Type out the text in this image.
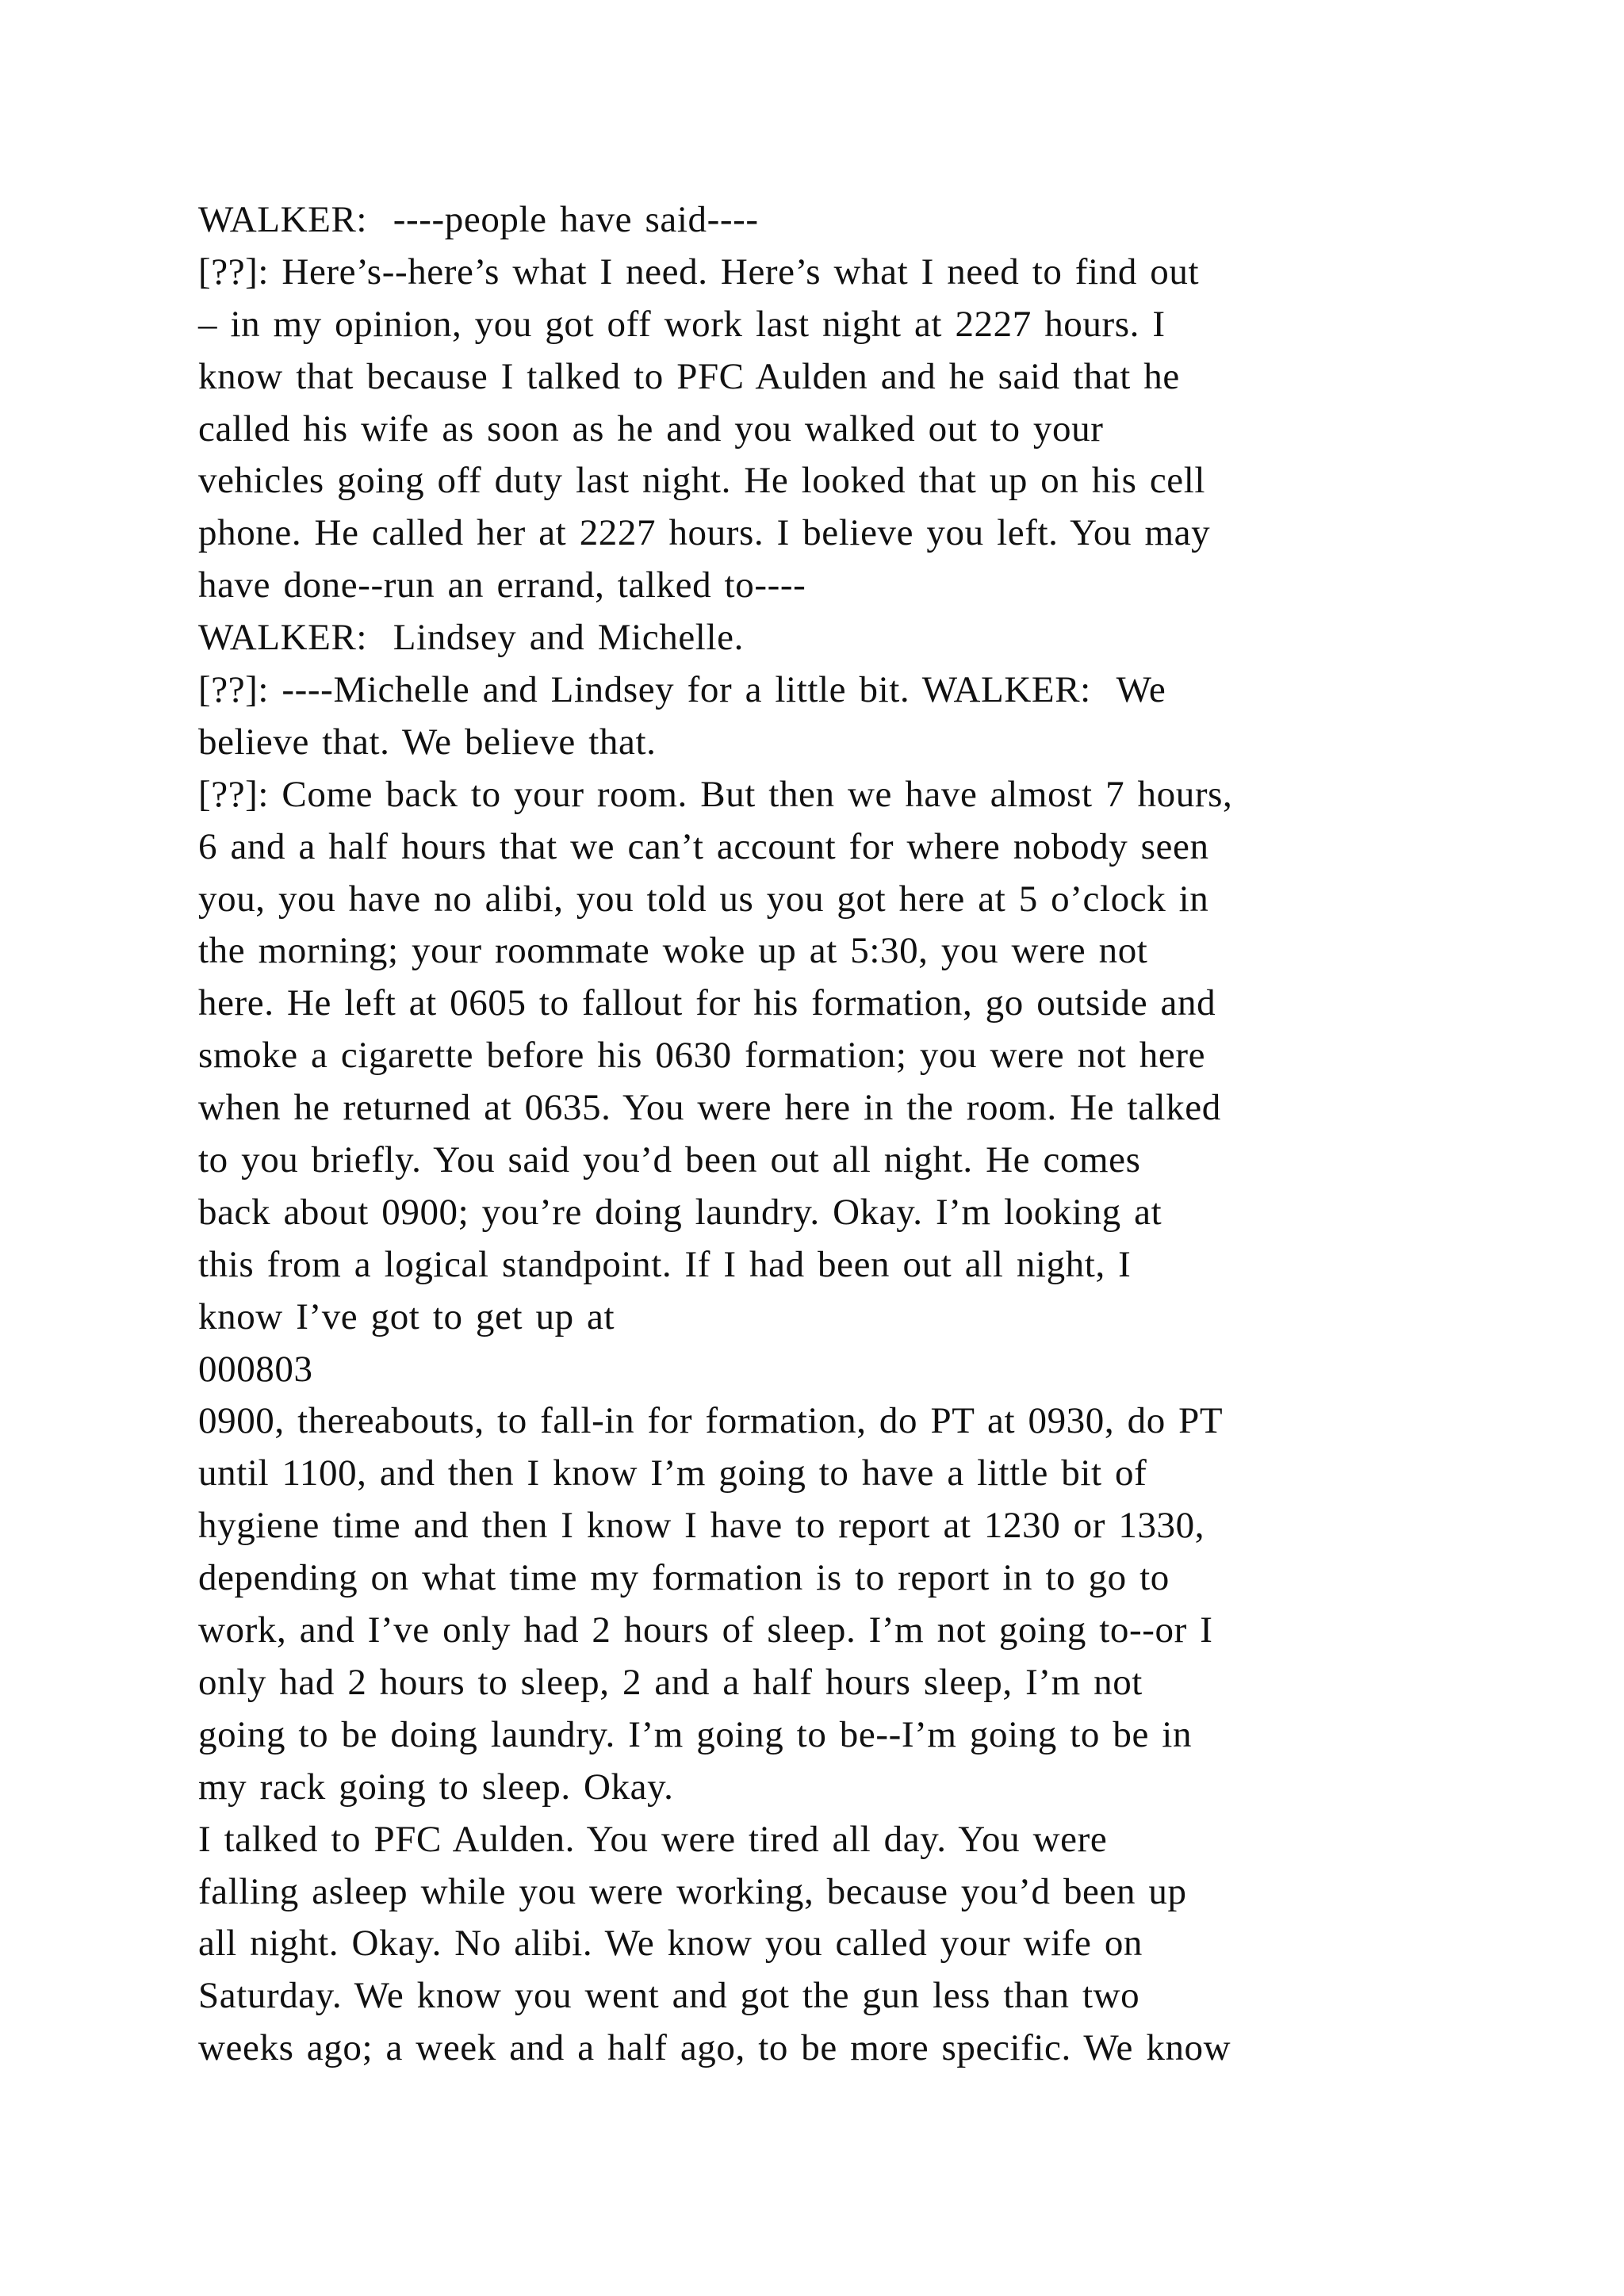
WALKER:  ----people have said----
[??]: Here’s--here’s what I need. Here’s what I need to find out
– in my opinion, you got off work last night at 2227 hours. I
know that because I talked to PFC Aulden and he said that he
called his wife as soon as he and you walked out to your
vehicles going off duty last night. He looked that up on his cell
phone. He called her at 2227 hours. I believe you left. You may
have done--run an errand, talked to----
WALKER:  Lindsey and Michelle.
[??]: ----Michelle and Lindsey for a little bit. WALKER:  We
believe that. We believe that.
[??]: Come back to your room. But then we have almost 7 hours,
6 and a half hours that we can’t account for where nobody seen
you, you have no alibi, you told us you got here at 5 o’clock in
the morning; your roommate woke up at 5:30, you were not
here. He left at 0605 to fallout for his formation, go outside and
smoke a cigarette before his 0630 formation; you were not here
when he returned at 0635. You were here in the room. He talked
to you briefly. You said you’d been out all night. He comes
back about 0900; you’re doing laundry. Okay. I’m looking at
this from a logical standpoint. If I had been out all night, I
know I’ve got to get up at
000803
0900, thereabouts, to fall-in for formation, do PT at 0930, do PT
until 1100, and then I know I’m going to have a little bit of
hygiene time and then I know I have to report at 1230 or 1330,
depending on what time my formation is to report in to go to
work, and I’ve only had 2 hours of sleep. I’m not going to--or I
only had 2 hours to sleep, 2 and a half hours sleep, I’m not
going to be doing laundry. I’m going to be--I’m going to be in
my rack going to sleep. Okay.
I talked to PFC Aulden. You were tired all day. You were
falling asleep while you were working, because you’d been up
all night. Okay. No alibi. We know you called your wife on
Saturday. We know you went and got the gun less than two
weeks ago; a week and a half ago, to be more specific. We know
